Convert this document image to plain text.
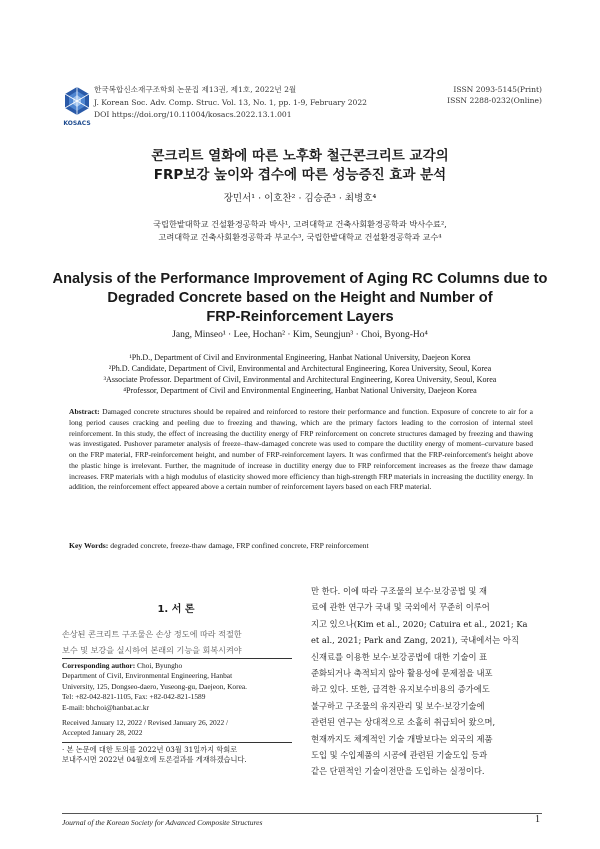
KOSACS
한국복합신소재구조학회 논문집 제13권, 제1호, 2022년 2월
J. Korean Soc. Adv. Comp. Struc. Vol. 13, No. 1, pp. 1-9, February 2022
DOI https://doi.org/10.11004/kosacs.2022.13.1.001
ISSN 2093-5145(Print)
ISSN 2288-0232(Online)
콘크리트 열화에 따른 노후화 철근콘크리트 교각의
FRP보강 높이와 겹수에 따른 성능증진 효과 분석
장민서¹ · 이호찬² · 김승준³ · 최병호⁴
국립한밭대학교 건설환경공학과 박사¹, 고려대학교 건축사회환경공학과 박사수료²,
고려대학교 건축사회환경공학과 부교수³, 국립한밭대학교 건설환경공학과 교수⁴
Analysis of the Performance Improvement of Aging RC Columns due to
Degraded Concrete based on the Height and Number of
FRP-Reinforcement Layers
Jang, Minseo¹ · Lee, Hochan² · Kim, Seungjun³ · Choi, Byong-Ho⁴
¹Ph.D., Department of Civil and Environmental Engineering, Hanbat National University, Daejeon Korea
²Ph.D. Candidate, Department of Civil, Environmental and Architectural Engineering, Korea University, Seoul, Korea
³Associate Professor. Department of Civil, Environmental and Architectural Engineering, Korea University, Seoul, Korea
⁴Professor, Department of Civil and Environmental Engineering, Hanbat National University, Daejeon Korea
Abstract: Damaged concrete structures should be repaired and reinforced to restore their performance and function. Exposure of concrete to air for a long period causes cracking and peeling due to freezing and thawing, which are the primary factors leading to the corrosion of internal steel reinforcement. In this study, the effect of increasing the ductility energy of FRP reinforcement on concrete structures damaged by freezing and thawing was investigated. Pushover parameter analysis of freeze–thaw-damaged concrete was used to compare the ductility energy of moment–curvature based on the FRP material, FRP-reinforcement height, and number of FRP-reinforcement layers. It was confirmed that the FRP-reinforcement's height above the plastic hinge is irrelevant. Further, the magnitude of increase in ductility energy due to FRP reinforcement increases as the freeze thaw damage increases. FRP materials with a high modulus of elasticity showed more efficiency than high-strength FRP materials in increasing the ductility energy. In addition, the reinforcement effect appeared above a certain number of reinforcement layers based on each FRP material.
Key Words: degraded concrete, freeze-thaw damage, FRP confined concrete, FRP reinforcement
1. 서 론
손상된 콘크리트 구조물은 손상 정도에 따라 적절한
보수 및 보강을 실시하여 본래의 기능을 회복시켜야
Corresponding author: Choi, Byungho
Department of Civil, Environmental Engineering, Hanbat
University, 125, Dongseo-daero, Yuseong-gu, Daejeon, Korea.
Tel: +82-042-821-1105, Fax: +82-042-821-1589
E-mail: bhchoi@hanbat.ac.kr
Received January 12, 2022 / Revised January 26, 2022 /
Accepted January 28, 2022
· 본 논문에 대한 토의를 2022년 03월 31일까지 학회로
보내주시면 2022년 04월호에 토론결과를 게재하겠습니다.
만 한다. 이에 따라 구조물의 보수·보강공법 및 재
료에 관한 연구가 국내 및 국외에서 꾸준히 이루어
지고 있으나(Kim et al., 2020; Catuira et al., 2021; Ka
et al., 2021; Park and Zang, 2021), 국내에서는 아직
신재료를 이용한 보수·보강공법에 대한 기술이 표
준화되거나 축적되지 않아 활용성에 문제점을 내포
하고 있다. 또한, 급격한 유지보수비용의 증가에도
불구하고 구조물의 유지관리 및 보수·보강기술에
관련된 연구는 상대적으로 소홀히 취급되어 왔으며,
현재까지도 체계적인 기술 개발보다는 외국의 제품
도입 및 수입제품의 시공에 관련된 기술도입 등과
같은 단편적인 기술이전만을 도입하는 실정이다.
Journal of the Korean Society for Advanced Composite Structures	1
